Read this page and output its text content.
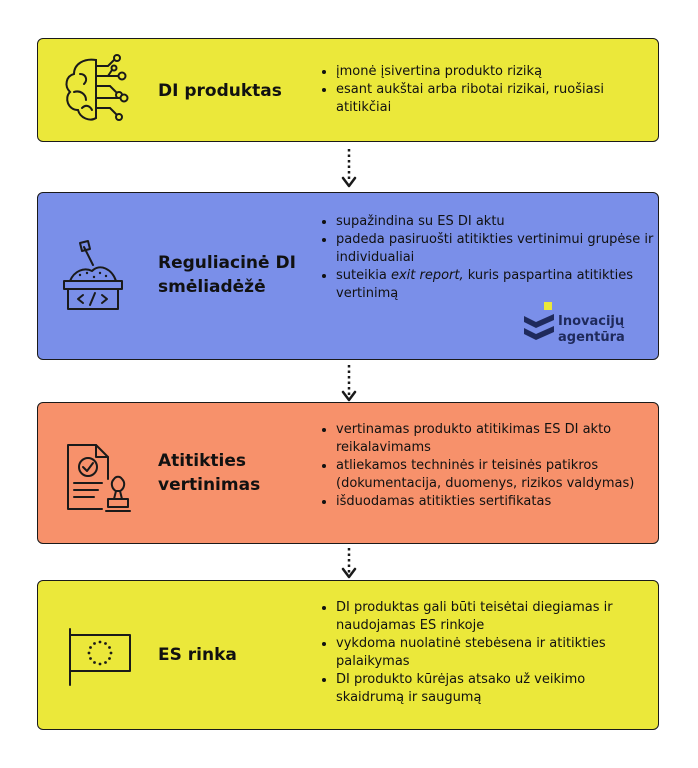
DI produktas
• įmonė įsivertina produkto riziką
• esant aukštai arba ribotai rizikai, ruošiasi atitikčiai
Reguliacinė DI
smėliadėžė
• supažindina su ES DI aktu
• padeda pasiruošti atitikties vertinimui grupėse ir individualiai
• suteikia exit report, kuris paspartina atitikties vertinimą
Inovacijų
agentūra
Atitikties
vertinimas
• vertinamas produkto atitikimas ES DI akto reikalavimams
• atliekamos techninės ir teisinės patikros (dokumentacija, duomenys, rizikos valdymas)
• išduodamas atitikties sertifikatas
ES rinka
• DI produktas gali būti teisėtai diegiamas ir naudojamas ES rinkoje
• vykdoma nuolatinė stebėsena ir atitikties palaikymas
• DI produkto kūrėjas atsako už veikimo skaidrumą ir saugumą
